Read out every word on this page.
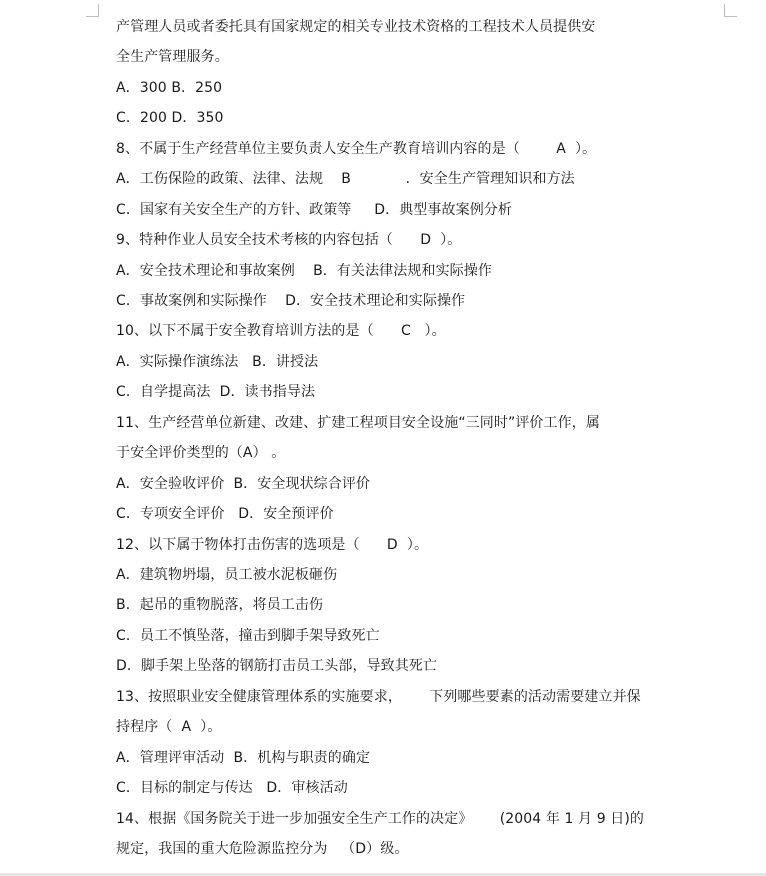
产管理人员或者委托具有国家规定的相关专业技术资格的工程技术人员提供安

全生产管理服务。

A．300 B．250

C．200 D．350

8、不属于生产经营单位主要负责人安全生产教育培训内容的是（        A  ）。

A．工伤保险的政策、法律、法规    B            ．安全生产管理知识和方法

C．国家有关安全生产的方针、政策等     D．典型事故案例分析

9、特种作业人员安全技术考核的内容包括（      D  ）。

A．安全技术理论和事故案例    B．有关法律法规和实际操作

C．事故案例和实际操作    D．安全技术理论和实际操作

10、以下不属于安全教育培训方法的是（      C   ）。

A．实际操作演练法   B．讲授法

C．自学提高法  D．读书指导法

11、生产经营单位新建、改建、扩建工程项目安全设施“三同时”评价工作，属

于安全评价类型的（A） 。

A．安全验收评价  B．安全现状综合评价

C．专项安全评价   D．安全预评价

12、以下属于物体打击伤害的选项是（      D  ）。

A．建筑物坍塌，员工被水泥板砸伤

B．起吊的重物脱落，将员工击伤

C．员工不慎坠落，撞击到脚手架导致死亡

D．脚手架上坠落的钢筋打击员工头部，导致其死亡

13、按照职业安全健康管理体系的实施要求，      下列哪些要素的活动需要建立并保

持程序（  A  ）。

A．管理评审活动  B．机构与职责的确定

C．目标的制定与传达   D．审核活动

14、根据《国务院关于进一步加强安全生产工作的决定》      (2004 年 1 月 9 日)的

规定，我国的重大危险源监控分为   （D）级。
